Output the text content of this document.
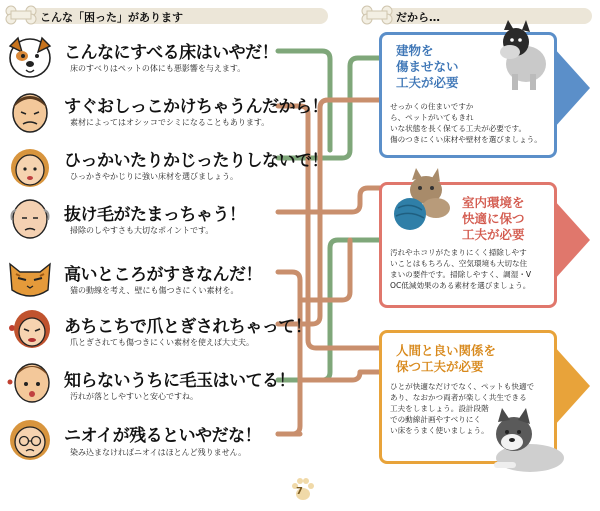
こんな「困った」があります	だから…
こんなにすべる床はいやだ！
床のすべりはペットの体にも悪影響を与えます。
すぐおしっこかけちゃうんだから！
素材によってはオシッコでシミになることもあります。
ひっかいたりかじったりしないで！
ひっかきやかじりに強い床材を選びましょう。
抜け毛がたまっちゃう！
掃除のしやすさも大切なポイントです。
高いところがすきなんだ！
猫の動線を考え、壁にも傷つきにくい素材を。
あちこちで爪とぎされちゃって！
爪とぎされても傷つきにくい素材を使えば大丈夫。
知らないうちに毛玉はいてる！
汚れが落としやすいと安心ですね。
ニオイが残るといやだな！
染み込まなければニオイはほとんど残りません。
建物を
傷ませない
工夫が必要
せっかくの住まいですか
ら、ペットがいてもきれ
いな状態を長く保てる工夫が必要です。
傷のつきにくい床材や壁材を選びましょう。
室内環境を
快適に保つ
工夫が必要
汚れやホコリがたまりにくく掃除しやす
いことはもちろん、空気環境も大切な住
まいの要件です。掃除しやすく、調湿・V
OC低減効果のある素材を選びましょう。
人間と良い関係を
保つ工夫が必要
ひとが快適なだけでなく、ペットも快適で
あり、なおかつ両者が楽しく共生できる
工夫をしましょう。設計段階
での動線計画やすべりにく
い床をうまく使いましょう。
7
